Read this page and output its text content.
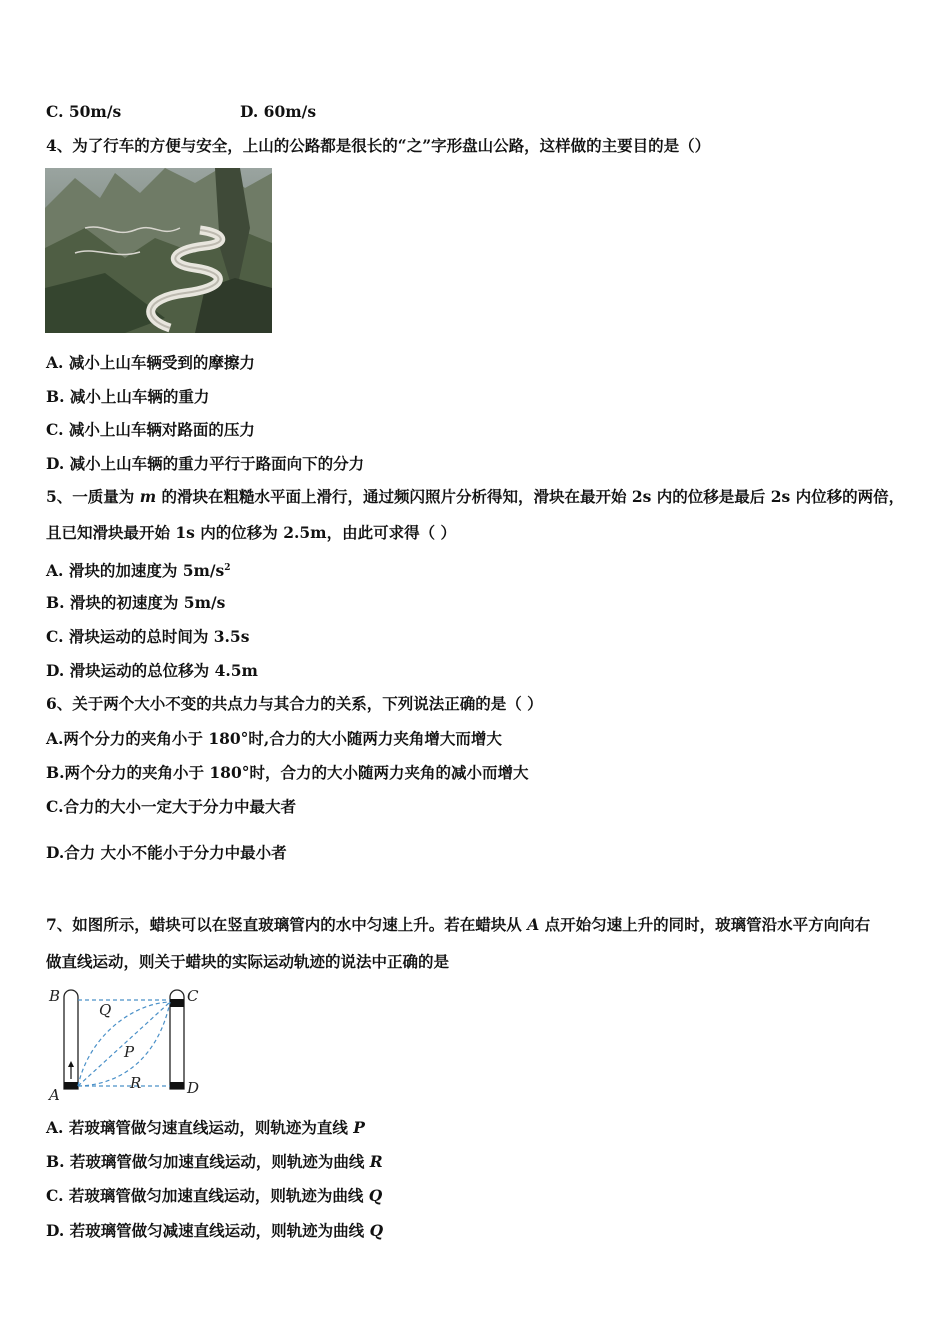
C. 50m/s	D. 60m/s
4、为了行车的方便与安全，上山的公路都是很长的“之”字形盘山公路，这样做的主要目的是（）
A. 减小上山车辆受到的摩擦力
B. 减小上山车辆的重力
C. 减小上山车辆对路面的压力
D. 减小上山车辆的重力平行于路面向下的分力
5、一质量为 m 的滑块在粗糙水平面上滑行，通过频闪照片分析得知，滑块在最开始 2s 内的位移是最后 2s 内位移的两倍，
且已知滑块最开始 1s 内的位移为 2.5m，由此可求得（ ）
A. 滑块的加速度为 $5m/s^2$
B. 滑块的初速度为 5m/s
C. 滑块运动的总时间为 3.5s
D. 滑块运动的总位移为 4.5m
6、关于两个大小不变的共点力与其合力的关系，下列说法正确的是（ ）
A.两个分力的夹角小于 180°时,合力的大小随两力夹角增大而增大
B.两个分力的夹角小于 180°时，合力的大小随两力夹角的减小而增大
C.合力的大小一定大于分力中最大者
D.合力 大小不能小于分力中最小者
7、如图所示，蜡块可以在竖直玻璃管内的水中匀速上升。若在蜡块从 A 点开始匀速上升的同时，玻璃管沿水平方向向右
做直线运动，则关于蜡块的实际运动轨迹的说法中正确的是
B	C
A	D
Q
P
R
A. 若玻璃管做匀速直线运动，则轨迹为直线 P
B. 若玻璃管做匀加速直线运动，则轨迹为曲线 R
C. 若玻璃管做匀加速直线运动，则轨迹为曲线 Q
D. 若玻璃管做匀减速直线运动，则轨迹为曲线 Q
